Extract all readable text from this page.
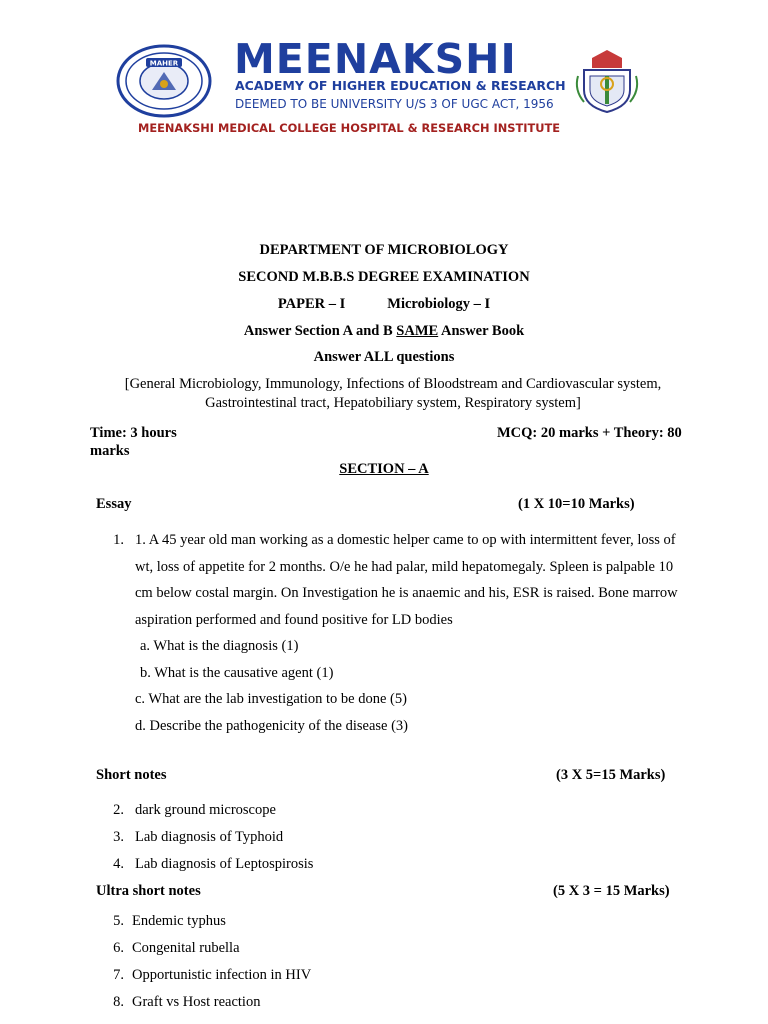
MAHER MEENAKSHI
ACADEMY OF HIGHER EDUCATION & RESEARCH
DEEMED TO BE UNIVERSITY U/S 3 OF UGC ACT, 1956
MEENAKSHI MEDICAL COLLEGE HOSPITAL & RESEARCH INSTITUTE
DEPARTMENT OF MICROBIOLOGY
SECOND M.B.B.S DEGREE EXAMINATION
PAPER – I	Microbiology – I
Answer Section A and B SAME Answer Book
Answer ALL questions
[General Microbiology, Immunology, Infections of Bloodstream and Cardiovascular system, Gastrointestinal tract, Hepatobiliary system, Respiratory system]
Time: 3 hours	MCQ: 20 marks + Theory: 80
marks
SECTION – A
Essay	(1 X 10=10 Marks)
1. 1. A 45 year old man working as a domestic helper came to op with intermittent fever, loss of
wt, loss of appetite for 2 months. O/e he had palar, mild hepatomegaly. Spleen is palpable 10
cm below costal margin. On Investigation he is anaemic and his, ESR is raised. Bone marrow
aspiration performed and found positive for LD bodies
a. What is the diagnosis (1)
b. What is the causative agent (1)
c. What are the lab investigation to be done (5)
d. Describe the pathogenicity of the disease (3)
Short notes	(3 X 5=15 Marks)
2. dark ground microscope
3. Lab diagnosis of Typhoid
4. Lab diagnosis of Leptospirosis
Ultra short notes	(5 X 3 = 15 Marks)
5. Endemic typhus
6. Congenital rubella
7. Opportunistic infection in HIV
8. Graft vs Host reaction
